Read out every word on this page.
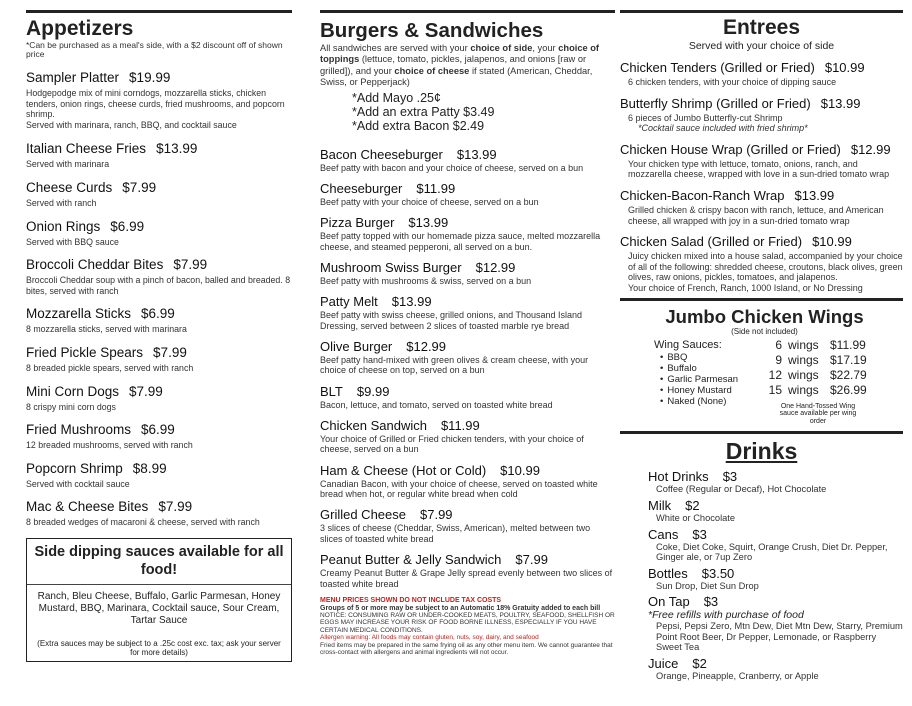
Appetizers
*Can be purchased as a meal's side, with a $2 discount off of shown price
Sampler Platter $19.99
Hodgepodge mix of mini corndogs, mozzarella sticks, chicken tenders, onion rings, cheese curds, fried mushrooms, and popcorn shrimp.
Served with marinara, ranch, BBQ, and cocktail sauce
Italian Cheese Fries $13.99
Served with marinara
Cheese Curds $7.99
Served with ranch
Onion Rings $6.99
Served with BBQ sauce
Broccoli Cheddar Bites $7.99
Broccoli Cheddar soup with a pinch of bacon, balled and breaded. 8 bites, served with ranch
Mozzarella Sticks $6.99
8 mozzarella sticks, served with marinara
Fried Pickle Spears $7.99
8 breaded pickle spears, served with ranch
Mini Corn Dogs $7.99
8 crispy mini corn dogs
Fried Mushrooms $6.99
12 breaded mushrooms, served with ranch
Popcorn Shrimp $8.99
Served with cocktail sauce
Mac & Cheese Bites $7.99
8 breaded wedges of macaroni & cheese, served with ranch
Side dipping sauces available for all food!
Ranch, Bleu Cheese, Buffalo, Garlic Parmesan, Honey Mustard, BBQ, Marinara, Cocktail sauce, Sour Cream, Tartar Sauce
(Extra sauces may be subject to a .25c cost exc. tax; ask your server for more details)
Burgers & Sandwiches
All sandwiches are served with your choice of side, your choice of toppings (lettuce, tomato, pickles, jalapenos, and onions [raw or grilled]), and your choice of cheese if stated (American, Cheddar, Swiss, or Pepperjack)
*Add Mayo .25¢
*Add an extra Patty $3.49
*Add extra Bacon $2.49
Bacon Cheeseburger $13.99
Beef patty with bacon and your choice of cheese, served on a bun
Cheeseburger $11.99
Beef patty with your choice of cheese, served on a bun
Pizza Burger $13.99
Beef patty topped with our homemade pizza sauce, melted mozzarella cheese, and steamed pepperoni, all served on a bun.
Mushroom Swiss Burger $12.99
Beef patty with mushrooms & swiss, served on a bun
Patty Melt $13.99
Beef patty with swiss cheese, grilled onions, and Thousand Island Dressing, served between 2 slices of toasted marble rye bread
Olive Burger $12.99
Beef patty hand-mixed with green olives & cream cheese, with your choice of cheese on top, served on a bun
BLT $9.99
Bacon, lettuce, and tomato, served on toasted white bread
Chicken Sandwich $11.99
Your choice of Grilled or Fried chicken tenders, with your choice of cheese, served on a bun
Ham & Cheese (Hot or Cold) $10.99
Canadian Bacon, with your choice of cheese, served on toasted white bread when hot, or regular white bread when cold
Grilled Cheese $7.99
3 slices of cheese (Cheddar, Swiss, American), melted between two slices of toasted white bread
Peanut Butter & Jelly Sandwich $7.99
Creamy Peanut Butter & Grape Jelly spread evenly between two slices of toasted white bread
MENU PRICES SHOWN DO NOT INCLUDE TAX COSTS
Groups of 5 or more may be subject to an Automatic 18% Gratuity added to each bill
NOTICE: CONSUMING RAW OR UNDER-COOKED MEATS, POULTRY, SEAFOOD, SHELLFISH OR EGGS MAY INCREASE YOUR RISK OF FOOD BORNE ILLNESS, ESPECIALLY IF YOU HAVE CERTAIN MEDICAL CONDITIONS.
Allergen warning: All foods may contain gluten, nuts, soy, dairy, and seafood
Fried items may be prepared in the same frying oil as any other menu item. We cannot guarantee that cross-contact with allergens and animal ingredients will not occur.
Entrees
Served with your choice of side
Chicken Tenders (Grilled or Fried) $10.99
6 chicken tenders, with your choice of dipping sauce
Butterfly Shrimp (Grilled or Fried) $13.99
6 pieces of Jumbo Butterfly-cut Shrimp
*Cocktail sauce included with fried shrimp*
Chicken House Wrap (Grilled or Fried) $12.99
Your chicken type with lettuce, tomato, onions, ranch, and mozzarella cheese, wrapped with love in a sun-dried tomato wrap
Chicken-Bacon-Ranch Wrap $13.99
Grilled chicken & crispy bacon with ranch, lettuce, and American cheese, all wrapped with joy in a sun-dried tomato wrap
Chicken Salad (Grilled or Fried) $10.99
Juicy chicken mixed into a house salad, accompanied by your choice of all of the following: shredded cheese, croutons, black olives, green olives, raw onions, pickles, tomatoes, and jalapenos.
Your choice of French, Ranch, 1000 Island, or No Dressing
Jumbo Chicken Wings
(Side not included)
Wing Sauces:
• BBQ
• Buffalo
• Garlic Parmesan
• Honey Mustard
• Naked (None)
6 wings $11.99
9 wings $17.19
12 wings $22.79
15 wings $26.99
One Hand-Tossed Wing sauce available per wing order
Drinks
Hot Drinks $3
Coffee (Regular or Decaf), Hot Chocolate
Milk $2
White or Chocolate
Cans $3
Coke, Diet Coke, Squirt, Orange Crush, Diet Dr. Pepper, Ginger ale, or 7up Zero
Bottles $3.50
Sun Drop, Diet Sun Drop
On Tap $3
*Free refills with purchase of food
Pepsi, Pepsi Zero, Mtn Dew, Diet Mtn Dew, Starry, Premium Point Root Beer, Dr Pepper, Lemonade, or Raspberry Sweet Tea
Juice $2
Orange, Pineapple, Cranberry, or Apple
